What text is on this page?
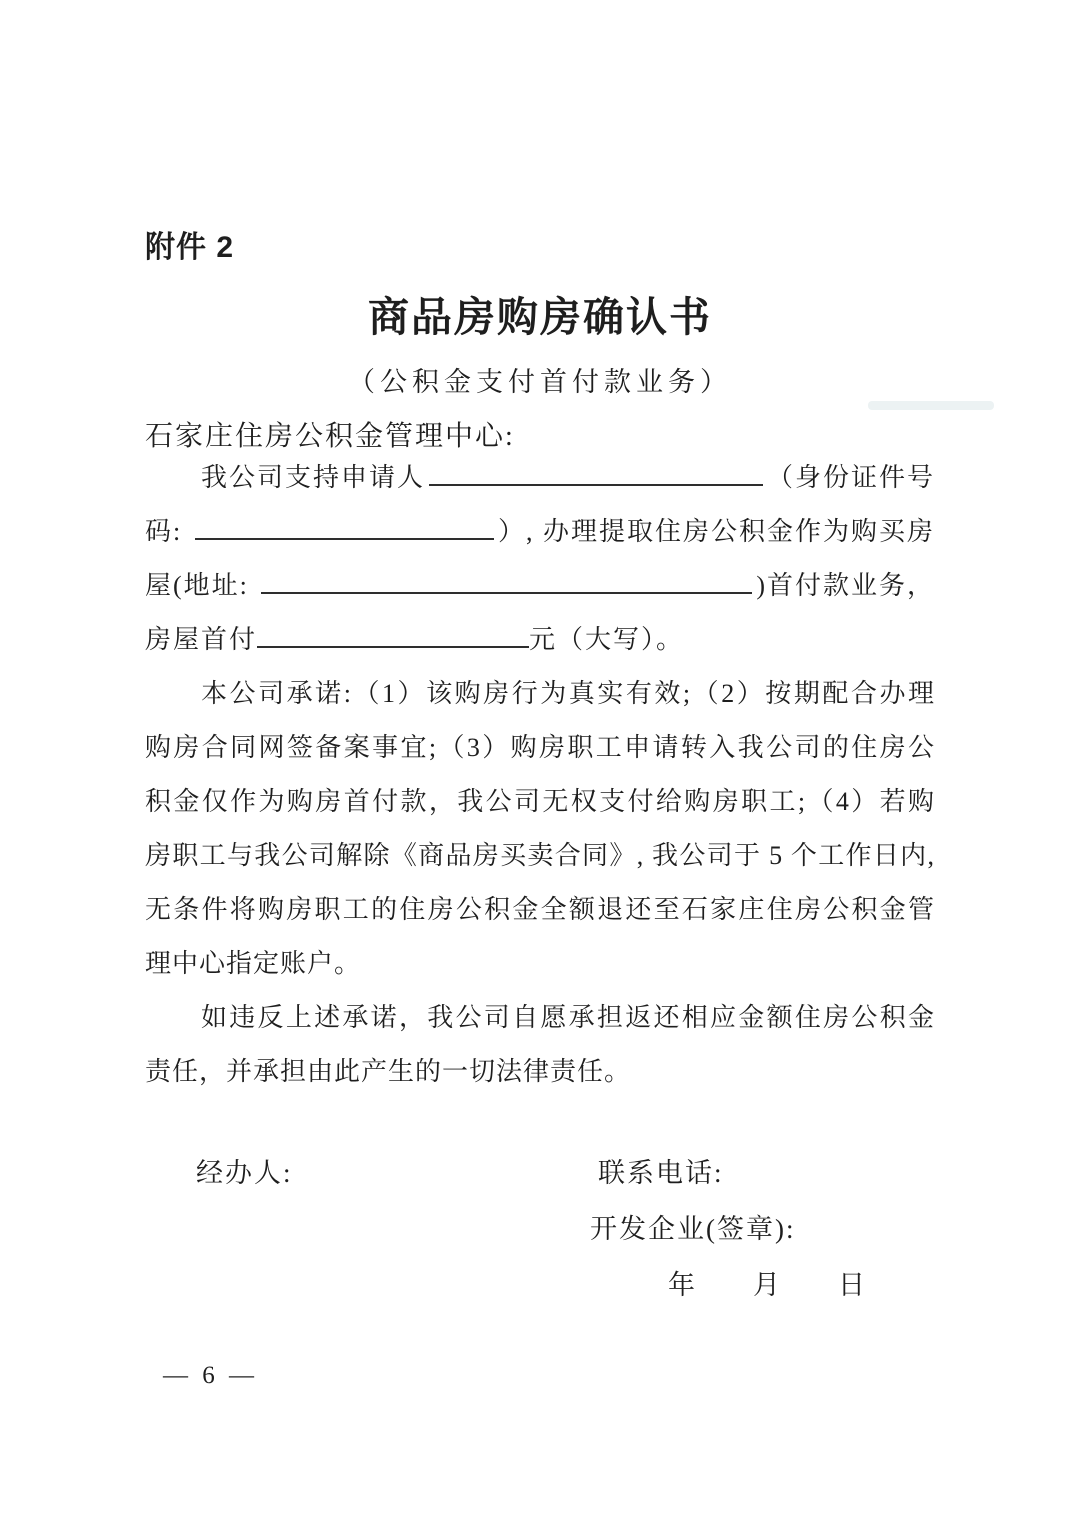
附件 2
商品房购房确认书
（公积金支付首付款业务）
石家庄住房公积金管理中心:
我公司支持申请人	（身份证件号
码:	）, 办理提取住房公积金作为购买房
屋(地址:	)首付款业务，
房屋首付	元（大写）。
本公司承诺:（1）该购房行为真实有效;（2）按期配合办理
购房合同网签备案事宜;（3）购房职工申请转入我公司的住房公
积金仅作为购房首付款，我公司无权支付给购房职工;（4）若购
房职工与我公司解除《商品房买卖合同》, 我公司于 5 个工作日内,
无条件将购房职工的住房公积金全额退还至石家庄住房公积金管
理中心指定账户。
如违反上述承诺，我公司自愿承担返还相应金额住房公积金
责任，并承担由此产生的一切法律责任。
经办人:	联系电话:
开发企业(签章):
年 月 日
— 6 —
